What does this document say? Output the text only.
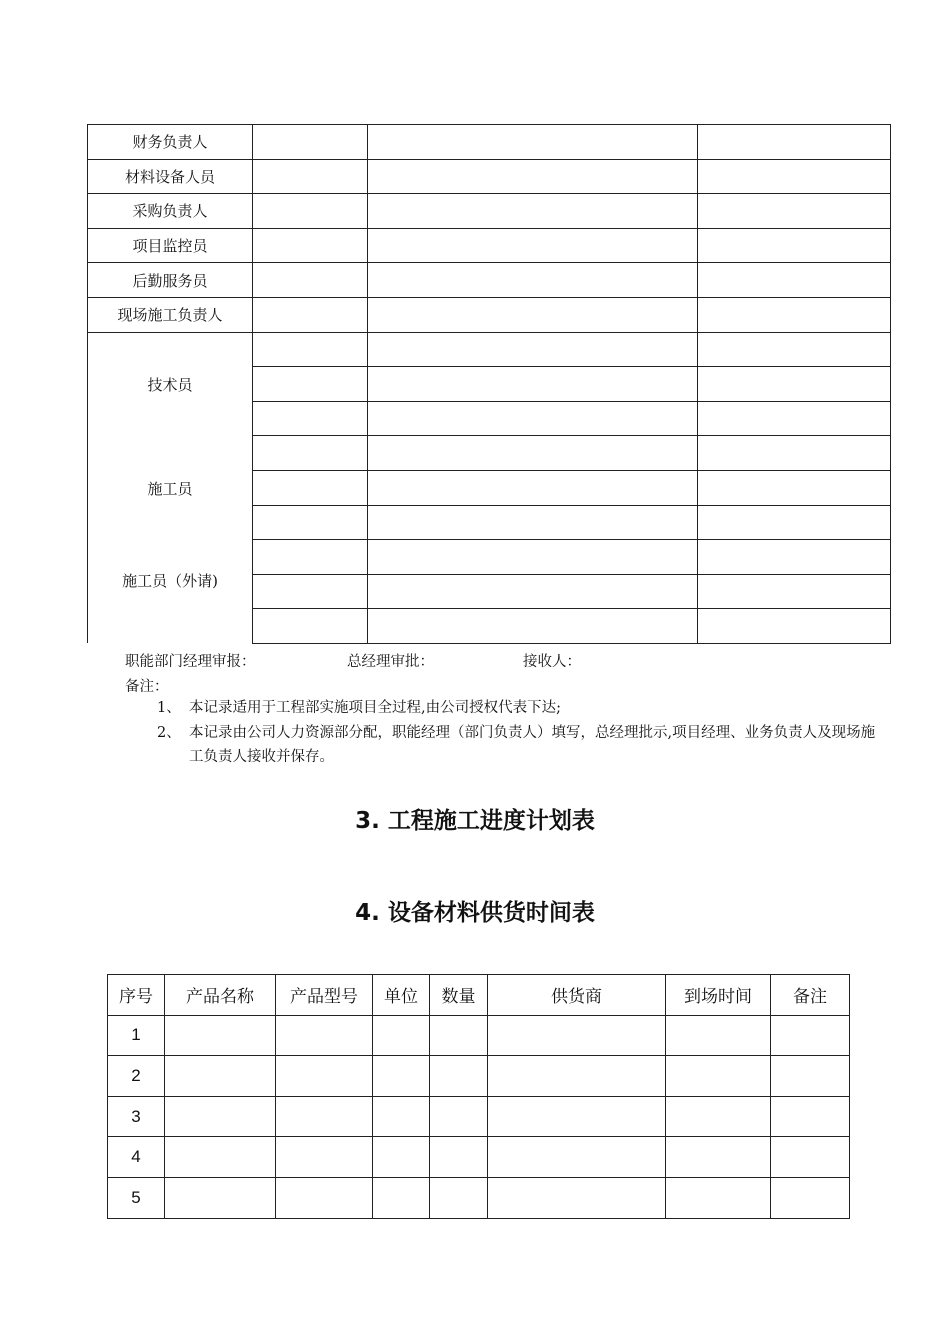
财务负责人			
材料设备人员			
采购负责人			
项目监控员			
后勤服务员			
现场施工负责人			

技术员
施工员
施工员（外请)			

职能部门经理审报：	总经理审批：	接收人：
备注：
1、 本记录适用于工程部实施项目全过程,由公司授权代表下达;
2、 本记录由公司人力资源部分配，职能经理（部门负责人）填写，总经理批示,项目经理、业务负责人及现场施工负责人接收并保存。
3. 工程施工进度计划表
4. 设备材料供货时间表
序号	产品名称	产品型号	单位	数量	供货商	到场时间	备注
1							
2							
3							
4							
5							
